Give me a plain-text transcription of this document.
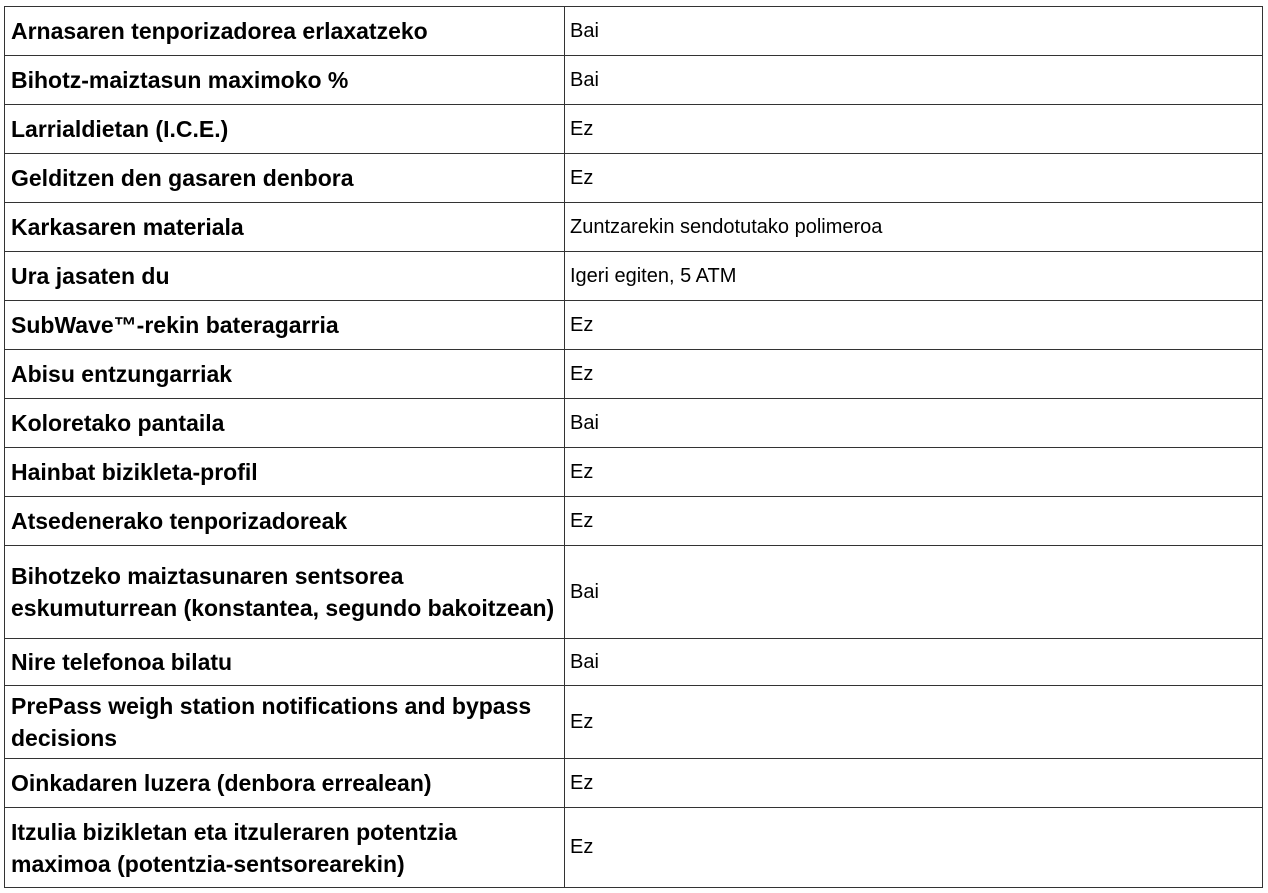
Arnasaren tenporizadorea erlaxatzeko	Bai
Bihotz-maiztasun maximoko %	Bai
Larrialdietan (I.C.E.)	Ez
Gelditzen den gasaren denbora	Ez
Karkasaren materiala	Zuntzarekin sendotutako polimeroa
Ura jasaten du	Igeri egiten, 5 ATM
SubWave™-rekin bateragarria	Ez
Abisu entzungarriak	Ez
Koloretako pantaila	Bai
Hainbat bizikleta-profil	Ez
Atsedenerako tenporizadoreak	Ez
Bihotzeko maiztasunaren sentsorea eskumuturrean (konstantea, segundo bakoitzean)	Bai
Nire telefonoa bilatu	Bai
PrePass weigh station notifications and bypass decisions	Ez
Oinkadaren luzera (denbora errealean)	Ez
Itzulia bizikletan eta itzuleraren potentzia maximoa (potentzia-sentsorearekin)	Ez
